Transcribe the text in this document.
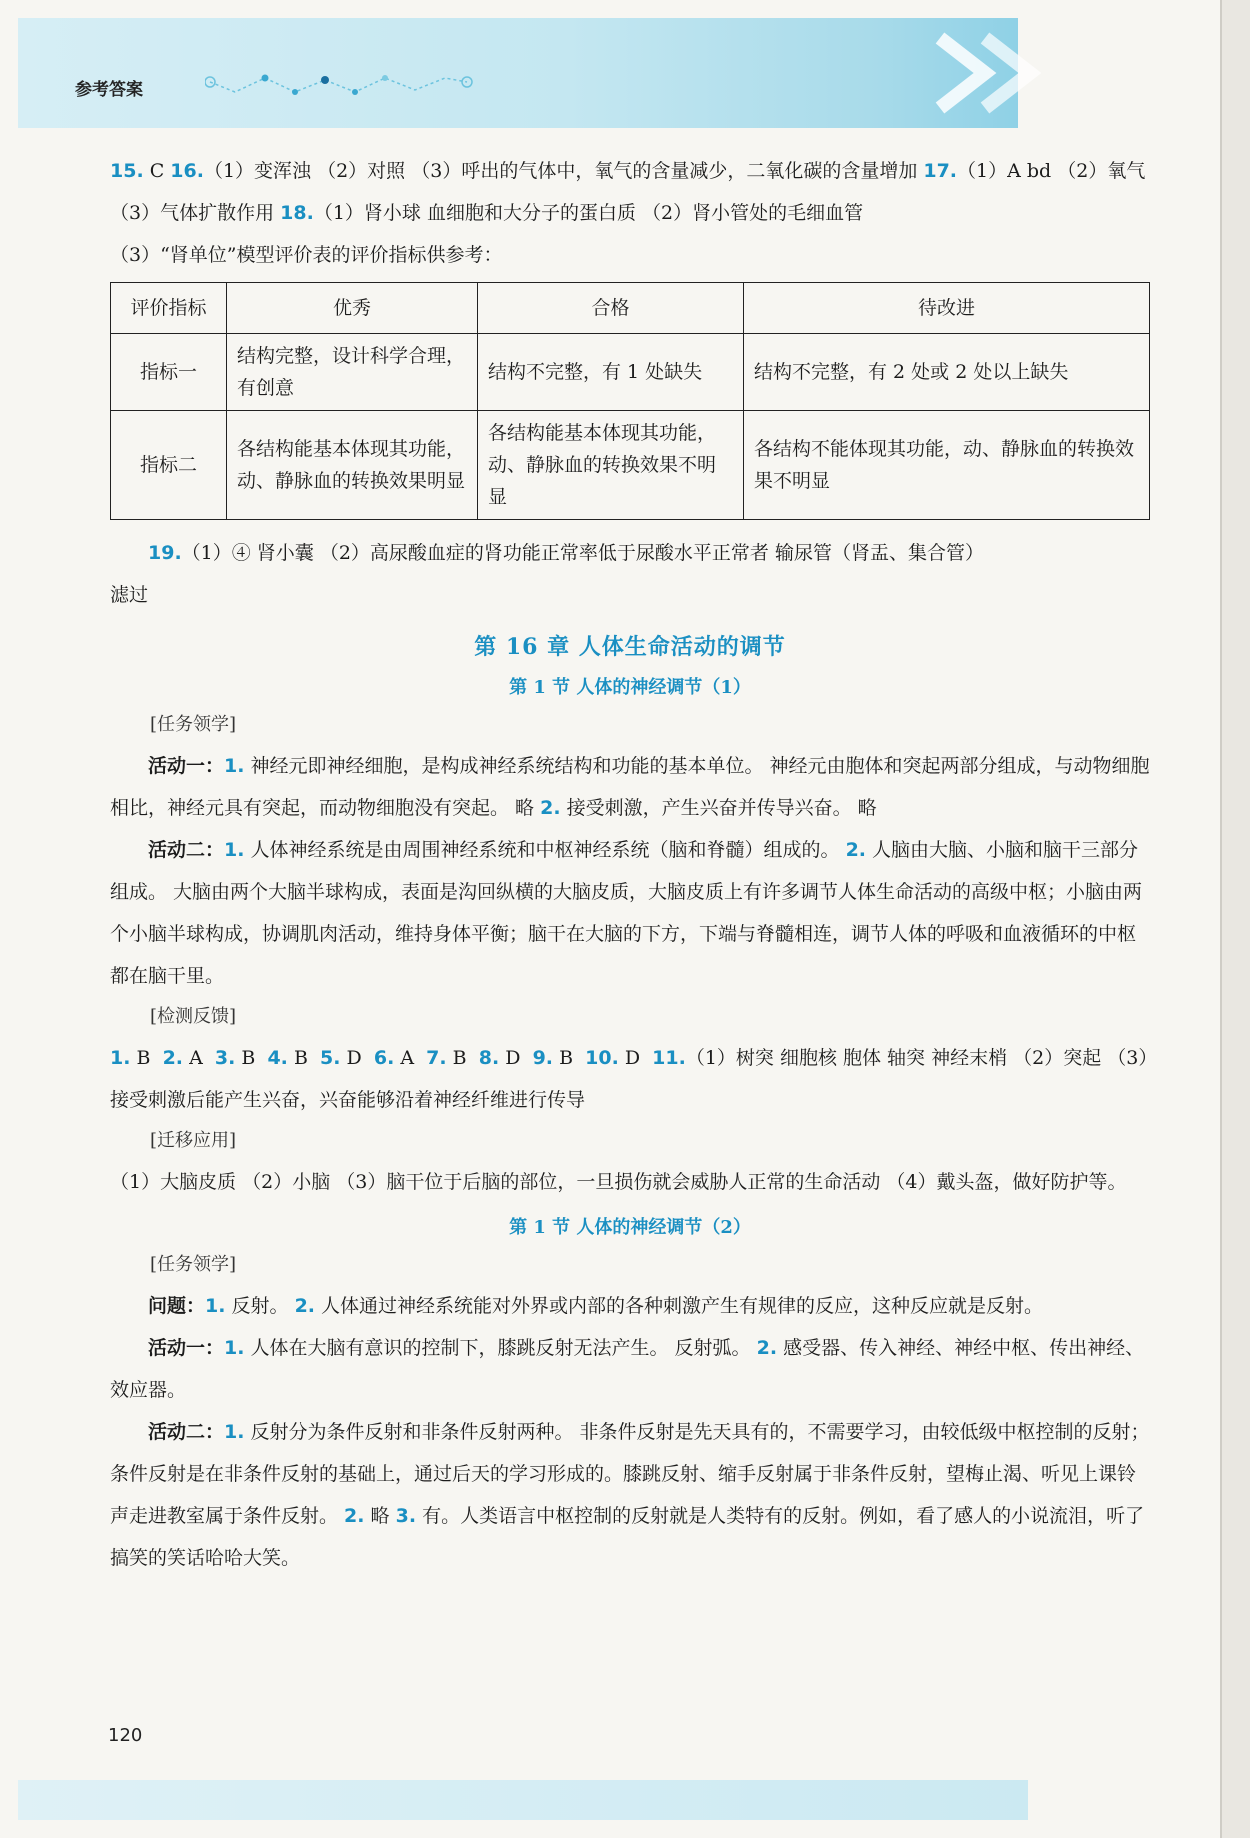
参考答案

15. C 16.（1）变浑浊 （2）对照 （3）呼出的气体中，氧气的含量减少，二氧化碳的含量增加 17.（1）A bd （2）氧气 （3）气体扩散作用 18.（1）肾小球 血细胞和大分子的蛋白质 （2）肾小管处的毛细血管

（3）“肾单位”模型评价表的评价指标供参考：

评价指标	优秀	合格	待改进
指标一	结构完整，设计科学合理，有创意	结构不完整，有 1 处缺失	结构不完整，有 2 处或 2 处以上缺失
指标二	各结构能基本体现其功能，动、静脉血的转换效果明显	各结构能基本体现其功能，动、静脉血的转换效果不明显	各结构不能体现其功能，动、静脉血的转换效果不明显

19.（1）④ 肾小囊 （2）高尿酸血症的肾功能正常率低于尿酸水平正常者 输尿管（肾盂、集合管）

滤过

第 16 章 人体生命活动的调节
第 1 节 人体的神经调节（1）
[任务领学]

活动一：1. 神经元即神经细胞，是构成神经系统结构和功能的基本单位。 神经元由胞体和突起两部分组成，与动物细胞相比，神经元具有突起，而动物细胞没有突起。 略 2. 接受刺激，产生兴奋并传导兴奋。 略

活动二：1. 人体神经系统是由周围神经系统和中枢神经系统（脑和脊髓）组成的。 2. 人脑由大脑、小脑和脑干三部分组成。 大脑由两个大脑半球构成，表面是沟回纵横的大脑皮质，大脑皮质上有许多调节人体生命活动的高级中枢；小脑由两个小脑半球构成，协调肌肉活动，维持身体平衡；脑干在大脑的下方，下端与脊髓相连，调节人体的呼吸和血液循环的中枢都在脑干里。

[检测反馈]

1. B 2. A 3. B 4. B 5. D 6. A 7. B 8. D 9. B 10. D 11.（1）树突 细胞核 胞体 轴突 神经末梢 （2）突起 （3）接受刺激后能产生兴奋，兴奋能够沿着神经纤维进行传导

[迁移应用]

（1）大脑皮质 （2）小脑 （3）脑干位于后脑的部位，一旦损伤就会威胁人正常的生命活动 （4）戴头盔，做好防护等。

第 1 节 人体的神经调节（2）
[任务领学]

问题：1. 反射。 2. 人体通过神经系统能对外界或内部的各种刺激产生有规律的反应，这种反应就是反射。

活动一：1. 人体在大脑有意识的控制下，膝跳反射无法产生。 反射弧。 2. 感受器、传入神经、神经中枢、传出神经、效应器。

活动二：1. 反射分为条件反射和非条件反射两种。 非条件反射是先天具有的，不需要学习，由较低级中枢控制的反射；条件反射是在非条件反射的基础上，通过后天的学习形成的。膝跳反射、缩手反射属于非条件反射，望梅止渴、听见上课铃声走进教室属于条件反射。 2. 略 3. 有。人类语言中枢控制的反射就是人类特有的反射。例如，看了感人的小说流泪，听了搞笑的笑话哈哈大笑。

120
